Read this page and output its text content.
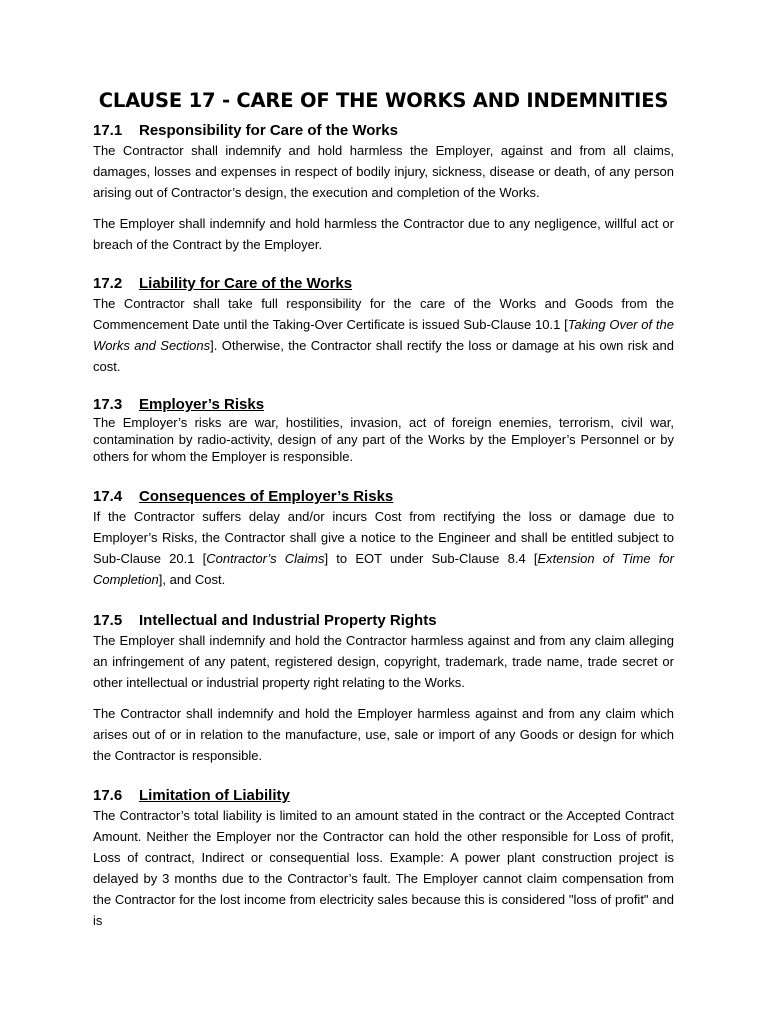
CLAUSE 17 - CARE OF THE WORKS AND INDEMNITIES
17.1	Responsibility for Care of the Works

The Contractor shall indemnify and hold harmless the Employer, against and from all claims, damages, losses and expenses in respect of bodily injury, sickness, disease or death, of any person arising out of Contractor’s design, the execution and completion of the Works.

The Employer shall indemnify and hold harmless the Contractor due to any negligence, willful act or breach of the Contract by the Employer.

17.2	Liability for Care of the Works

The Contractor shall take full responsibility for the care of the Works and Goods from the Commencement Date until the Taking-Over Certificate is issued Sub-Clause 10.1 [Taking Over of the Works and Sections]. Otherwise, the Contractor shall rectify the loss or damage at his own risk and cost.

17.3	Employer’s Risks

The Employer’s risks are war, hostilities, invasion, act of foreign enemies, terrorism, civil war, contamination by radio-activity, design of any part of the Works by the Employer’s Personnel or by others for whom the Employer is responsible.

17.4	Consequences of Employer’s Risks

If the Contractor suffers delay and/or incurs Cost from rectifying the loss or damage due to Employer’s Risks, the Contractor shall give a notice to the Engineer and shall be entitled subject to Sub-Clause 20.1 [Contractor’s Claims] to EOT under Sub-Clause 8.4 [Extension of Time for Completion], and Cost.

17.5	Intellectual and Industrial Property Rights

The Employer shall indemnify and hold the Contractor harmless against and from any claim alleging an infringement of any patent, registered design, copyright, trademark, trade name, trade secret or other intellectual or industrial property right relating to the Works.

The Contractor shall indemnify and hold the Employer harmless against and from any claim which arises out of or in relation to the manufacture, use, sale or import of any Goods or design for which the Contractor is responsible.

17.6	Limitation of Liability

The Contractor’s total liability is limited to an amount stated in the contract or the Accepted Contract Amount. Neither the Employer nor the Contractor can hold the other responsible for Loss of profit, Loss of contract, Indirect or consequential loss. Example: A power plant construction project is delayed by 3 months due to the Contractor’s fault. The Employer cannot claim compensation from the Contractor for the lost income from electricity sales because this is considered "loss of profit" and is
